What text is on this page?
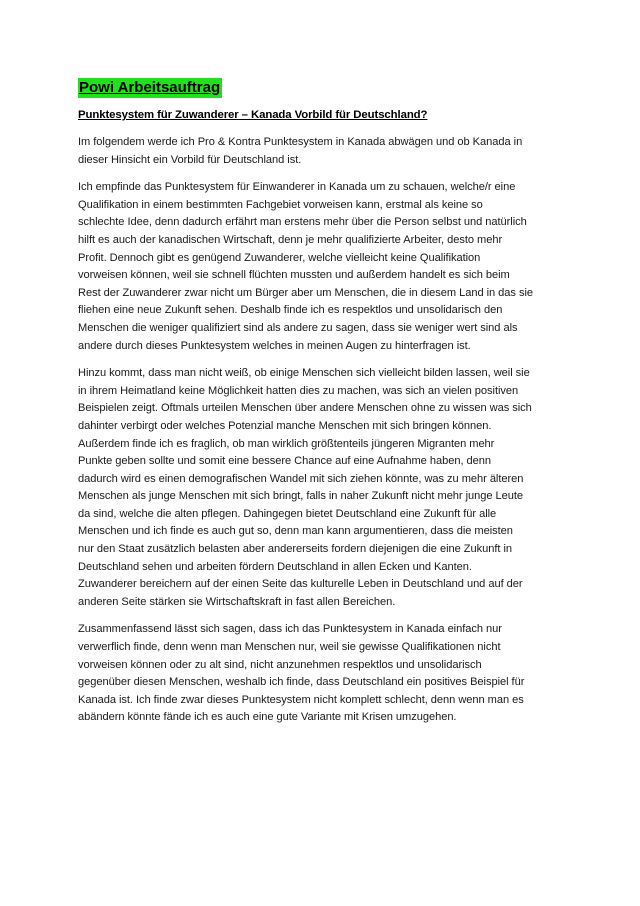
Powi Arbeitsauftrag
Punktesystem für Zuwanderer – Kanada Vorbild für Deutschland?
Im folgendem werde ich Pro & Kontra Punktesystem in Kanada abwägen und ob Kanada in
dieser Hinsicht ein Vorbild für Deutschland ist.
Ich empfinde das Punktesystem für Einwanderer in Kanada um zu schauen, welche/r eine
Qualifikation in einem bestimmten Fachgebiet vorweisen kann, erstmal als keine so
schlechte Idee, denn dadurch erfährt man erstens mehr über die Person selbst und natürlich
hilft es auch der kanadischen Wirtschaft, denn je mehr qualifizierte Arbeiter, desto mehr
Profit. Dennoch gibt es genügend Zuwanderer, welche vielleicht keine Qualifikation
vorweisen können, weil sie schnell flüchten mussten und außerdem handelt es sich beim
Rest der Zuwanderer zwar nicht um Bürger aber um Menschen, die in diesem Land in das sie
fliehen eine neue Zukunft sehen. Deshalb finde ich es respektlos und unsolidarisch den
Menschen die weniger qualifiziert sind als andere zu sagen, dass sie weniger wert sind als
andere durch dieses Punktesystem welches in meinen Augen zu hinterfragen ist.
Hinzu kommt, dass man nicht weiß, ob einige Menschen sich vielleicht bilden lassen, weil sie
in ihrem Heimatland keine Möglichkeit hatten dies zu machen, was sich an vielen positiven
Beispielen zeigt. Oftmals urteilen Menschen über andere Menschen ohne zu wissen was sich
dahinter verbirgt oder welches Potenzial manche Menschen mit sich bringen können.
Außerdem finde ich es fraglich, ob man wirklich größtenteils jüngeren Migranten mehr
Punkte geben sollte und somit eine bessere Chance auf eine Aufnahme haben, denn
dadurch wird es einen demografischen Wandel mit sich ziehen könnte, was zu mehr älteren
Menschen als junge Menschen mit sich bringt, falls in naher Zukunft nicht mehr junge Leute
da sind, welche die alten pflegen. Dahingegen bietet Deutschland eine Zukunft für alle
Menschen und ich finde es auch gut so, denn man kann argumentieren, dass die meisten
nur den Staat zusätzlich belasten aber andererseits fordern diejenigen die eine Zukunft in
Deutschland sehen und arbeiten fördern Deutschland in allen Ecken und Kanten.
Zuwanderer bereichern auf der einen Seite das kulturelle Leben in Deutschland und auf der
anderen Seite stärken sie Wirtschaftskraft in fast allen Bereichen.
Zusammenfassend lässt sich sagen, dass ich das Punktesystem in Kanada einfach nur
verwerflich finde, denn wenn man Menschen nur, weil sie gewisse Qualifikationen nicht
vorweisen können oder zu alt sind, nicht anzunehmen respektlos und unsolidarisch
gegenüber diesen Menschen, weshalb ich finde, dass Deutschland ein positives Beispiel für
Kanada ist. Ich finde zwar dieses Punktesystem nicht komplett schlecht, denn wenn man es
abändern könnte fände ich es auch eine gute Variante mit Krisen umzugehen.
